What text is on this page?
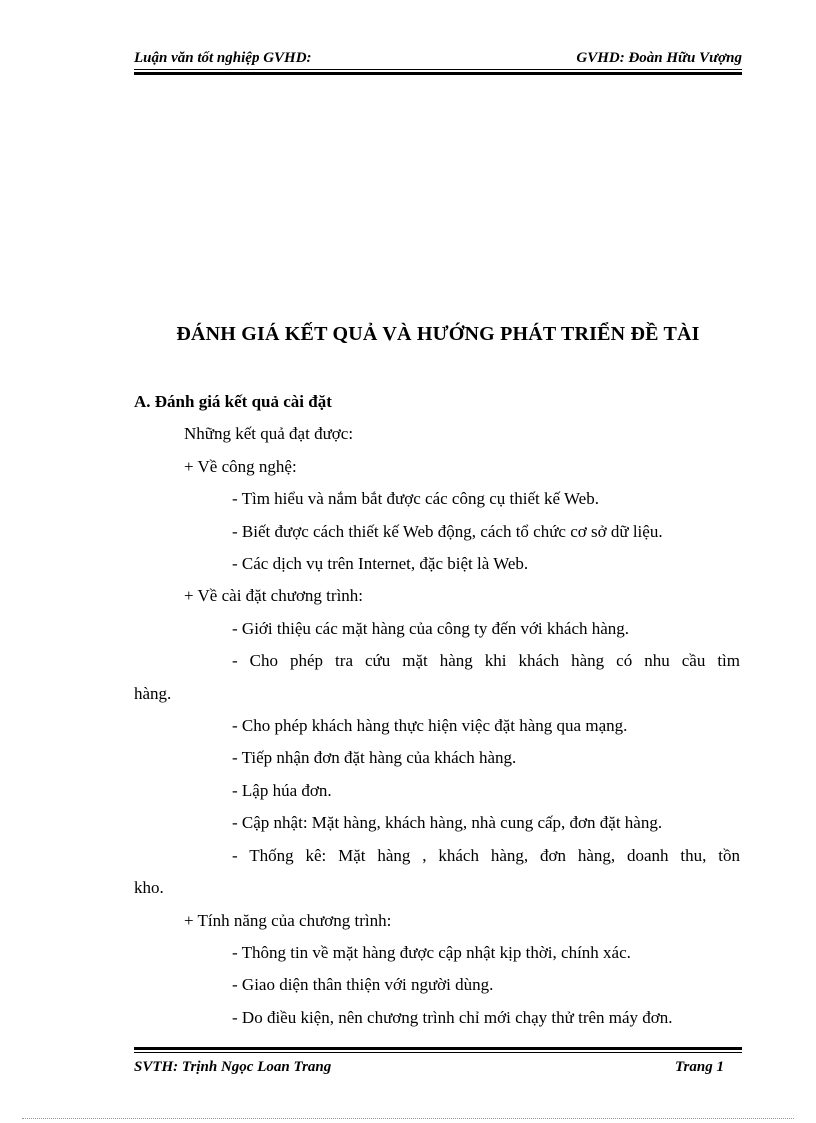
Luận văn tốt nghiệp GVHD:	GVHD: Đoàn Hữu Vượng
ĐÁNH GIÁ KẾT QUẢ VÀ HƯỚNG PHÁT TRIỂN ĐỀ TÀI
A. Đánh giá kết quả cài đặt
Những kết quả đạt được:
+ Về công nghệ:
- Tìm hiểu và nắm bắt được các công cụ thiết kế Web.
- Biết được cách thiết kế Web động, cách tổ chức cơ sở dữ liệu.
- Các dịch vụ trên Internet, đặc biệt là Web.
+ Về cài đặt chương trình:
- Giới thiệu các mặt hàng của công ty đến với khách hàng.
- Cho phép tra cứu mặt hàng khi khách hàng có nhu cầu tìm
hàng.
- Cho phép khách hàng thực hiện việc đặt hàng qua mạng.
- Tiếp nhận đơn đặt hàng của khách hàng.
- Lập húa đơn.
- Cập nhật: Mặt hàng, khách hàng, nhà cung cấp, đơn đặt hàng.
- Thống kê: Mặt hàng , khách hàng, đơn hàng, doanh thu, tồn
kho.
+ Tính năng của chương trình:
- Thông tin về mặt hàng được cập nhật kịp thời, chính xác.
- Giao diện thân thiện với người dùng.
- Do điều kiện, nên chương trình chỉ mới chạy thử trên máy đơn.
SVTH: Trịnh Ngọc Loan Trang	Trang 1
